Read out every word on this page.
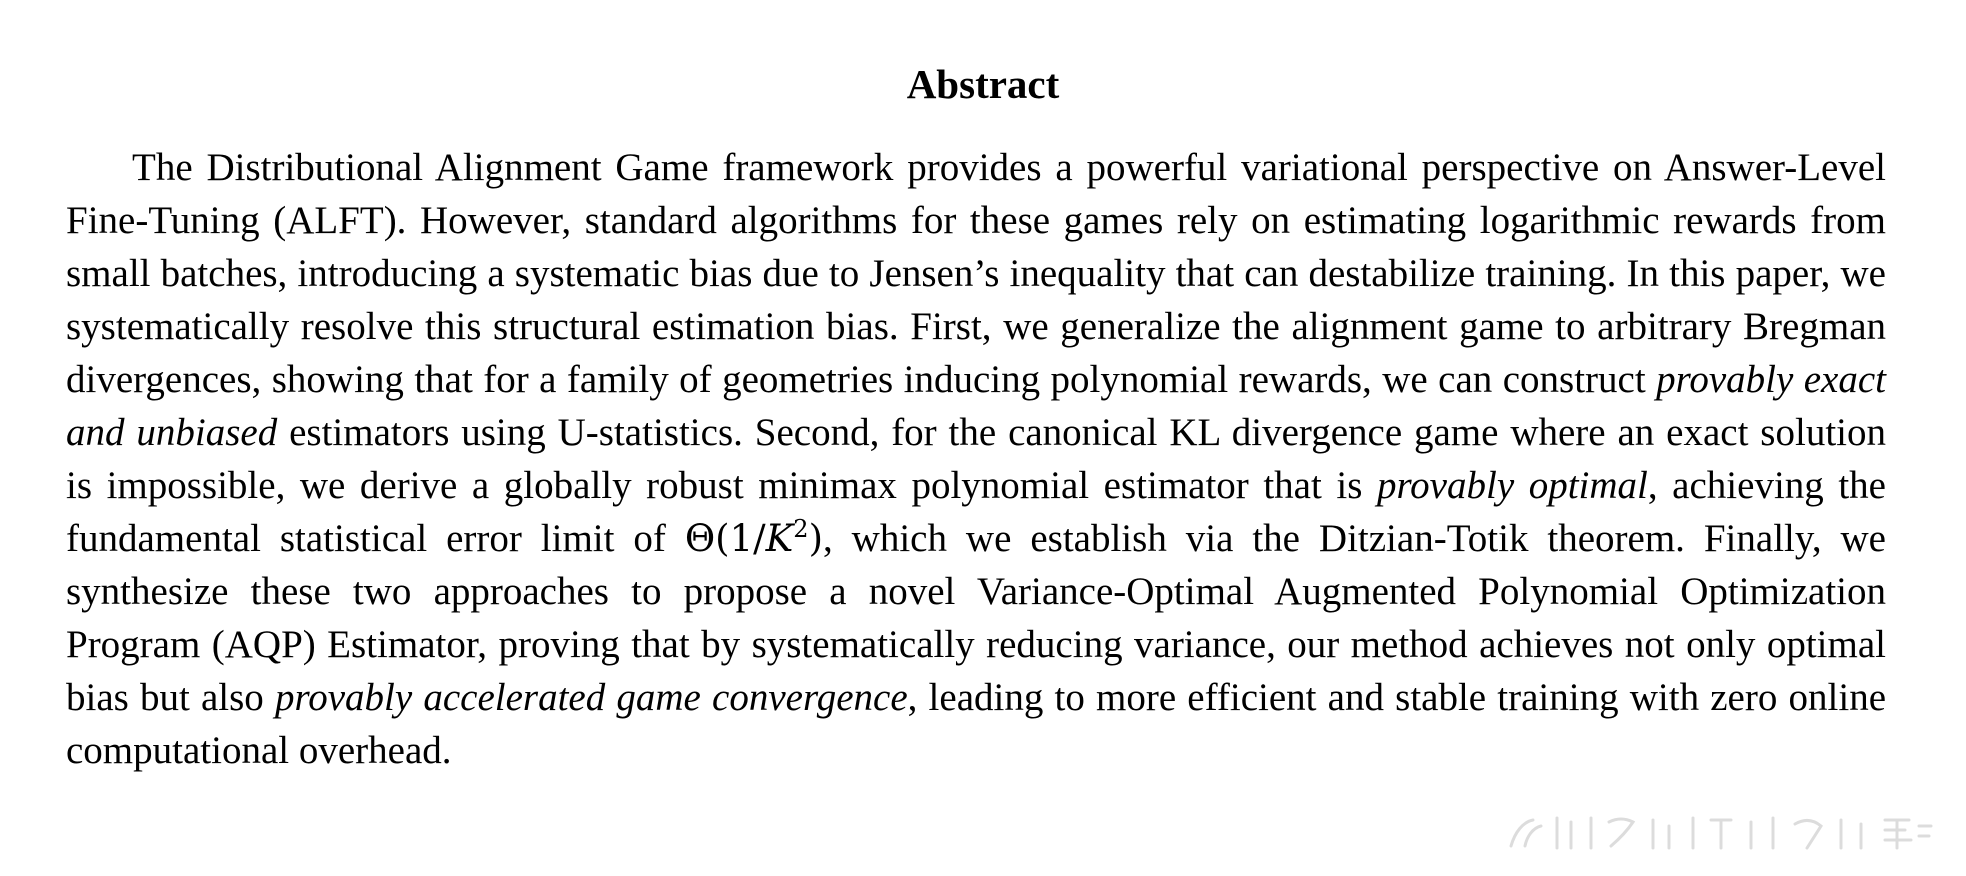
Abstract

The Distributional Alignment Game framework provides a powerful variational perspective on Answer-Level Fine-Tuning (ALFT). However, standard algorithms for these games rely on estimating logarithmic rewards from small batches, introducing a systematic bias due to Jensen’s inequality that can destabilize training. In this paper, we systematically resolve this structural estimation bias. First, we generalize the alignment game to arbitrary Bregman divergences, showing that for a family of geometries inducing polynomial rewards, we can construct provably exact and unbiased estimators using U-statistics. Second, for the canonical KL divergence game where an exact solution is impossible, we derive a globally robust minimax polynomial estimator that is provably optimal, achieving the fundamental statistical error limit of $\Theta(1/K^2)$, which we establish via the Ditzian-Totik theorem. Finally, we synthesize these two approaches to propose a novel Variance-Optimal Augmented Polynomial Optimization Program (AQP) Estimator, proving that by systematically reducing variance, our method achieves not only optimal bias but also provably accelerated game convergence, leading to more efficient and stable training with zero online computational overhead.
